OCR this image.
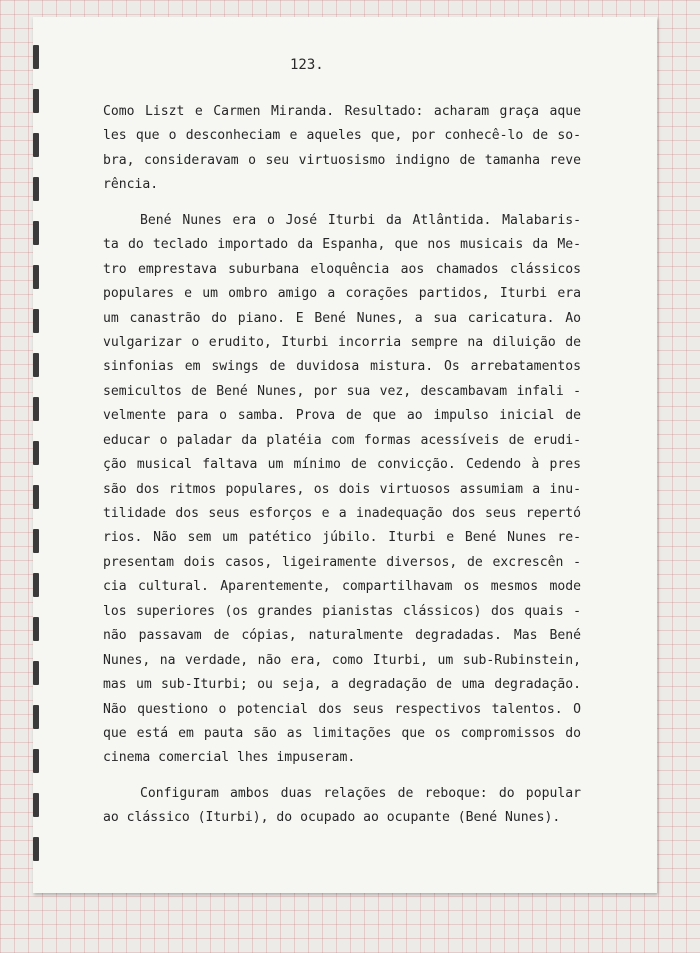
123.
Como Liszt e Carmen Miranda. Resultado: acharam graça aque
les que o desconheciam e aqueles que, por conhecê-lo de so-
bra, consideravam o seu virtuosismo indigno de tamanha reve
rência.
Bené Nunes era o José Iturbi da Atlântida. Malabaris-
ta do teclado importado da Espanha, que nos musicais da Me-
tro emprestava suburbana eloquência aos chamados clássicos
populares e um ombro amigo a corações partidos, Iturbi era
um canastrão do piano. E Bené Nunes, a sua caricatura. Ao
vulgarizar o erudito, Iturbi incorria sempre na diluição de
sinfonias em swings de duvidosa mistura. Os arrebatamentos
semicultos de Bené Nunes, por sua vez, descambavam infali -
velmente para o samba. Prova de que ao impulso inicial de
educar o paladar da platéia com formas acessíveis de erudi-
ção musical faltava um mínimo de convicção. Cedendo à pres
são dos ritmos populares, os dois virtuosos assumiam a inu-
tilidade dos seus esforços e a inadequação dos seus repertó
rios. Não sem um patético júbilo. Iturbi e Bené Nunes re-
presentam dois casos, ligeiramente diversos, de excrescên -
cia cultural. Aparentemente, compartilhavam os mesmos mode
los superiores (os grandes pianistas clássicos) dos quais -
não passavam de cópias, naturalmente degradadas. Mas Bené
Nunes, na verdade, não era, como Iturbi, um sub-Rubinstein,
mas um sub-Iturbi; ou seja, a degradação de uma degradação.
Não questiono o potencial dos seus respectivos talentos. O
que está em pauta são as limitações que os compromissos do
cinema comercial lhes impuseram.
Configuram ambos duas relações de reboque: do popular
ao clássico (Iturbi), do ocupado ao ocupante (Bené Nunes).
